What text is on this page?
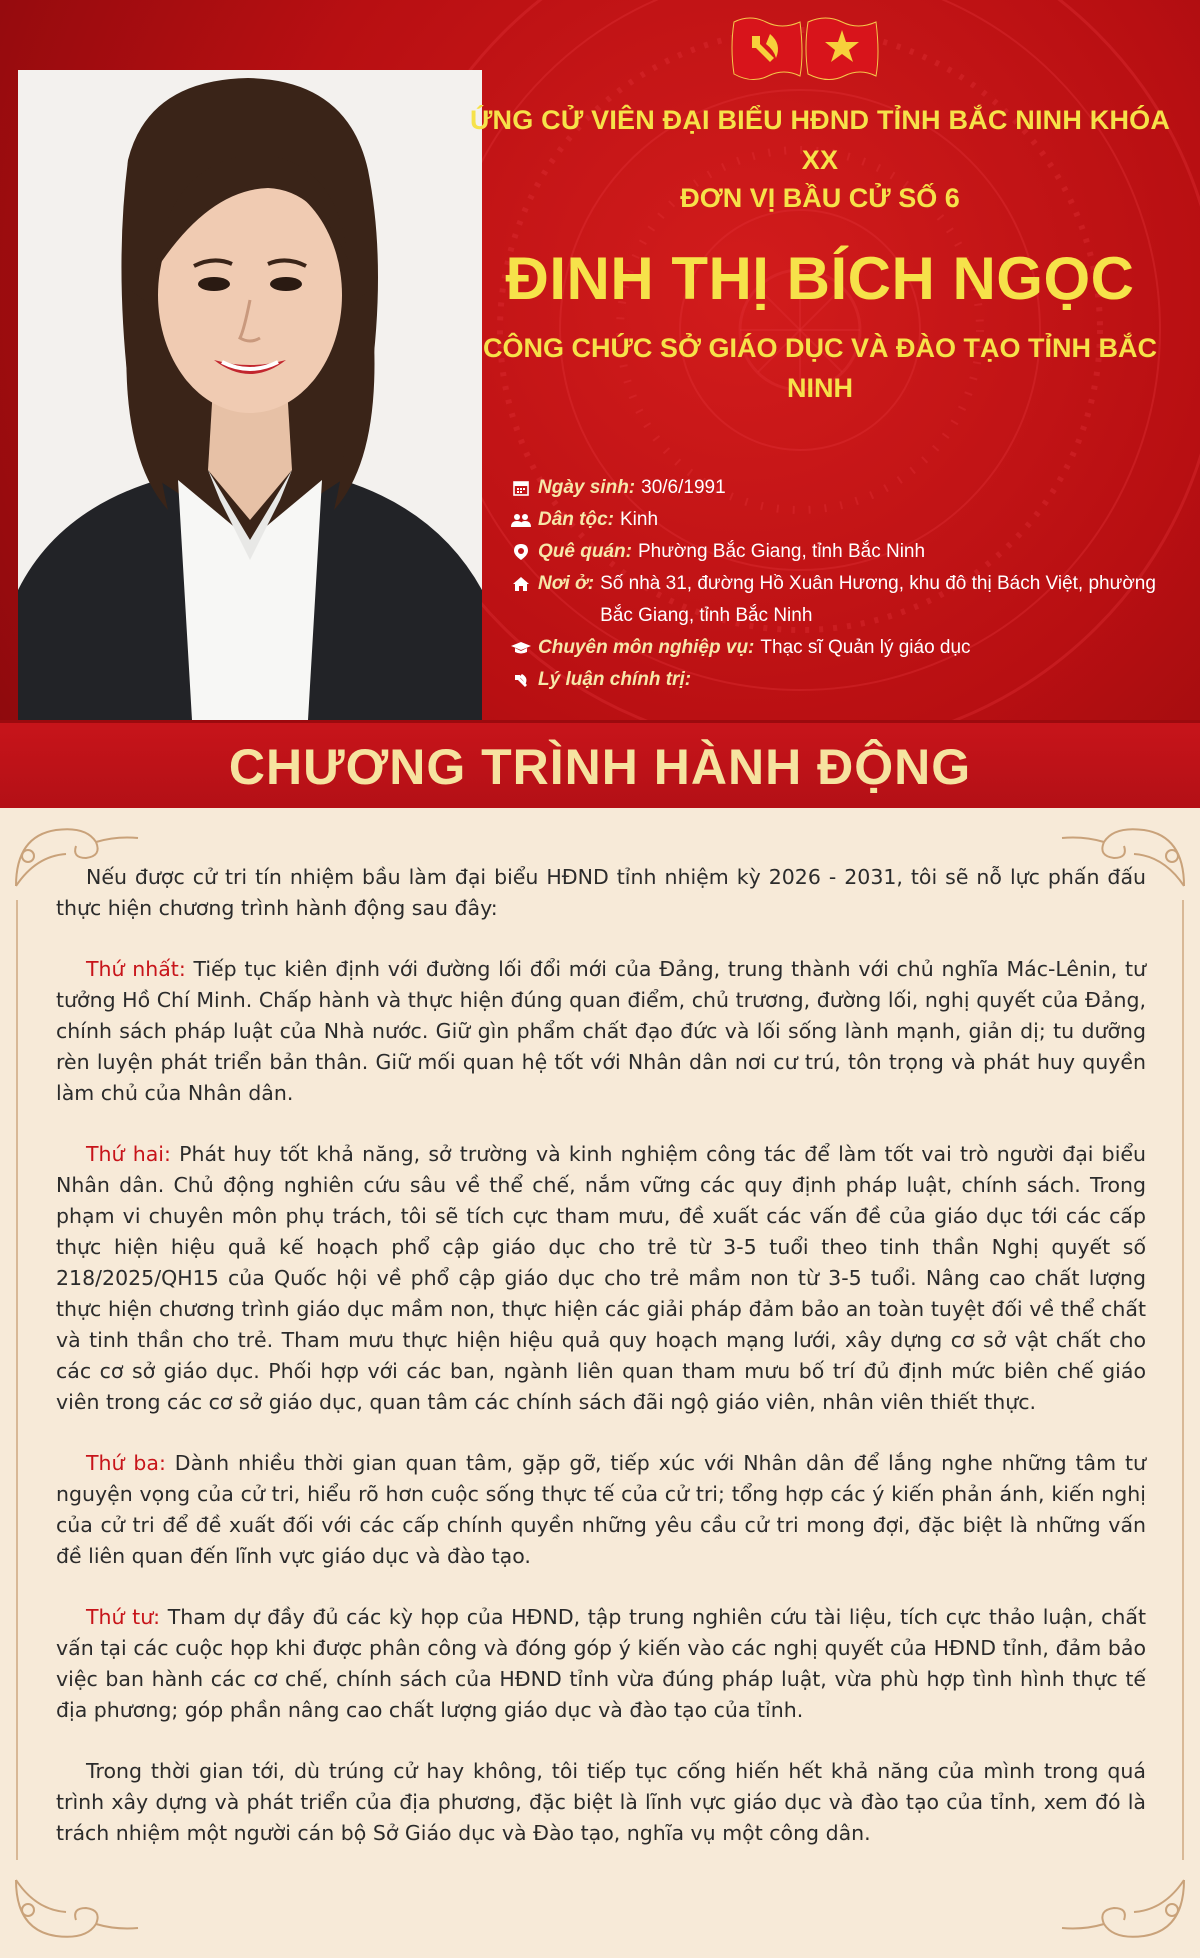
ỨNG CỬ VIÊN ĐẠI BIỂU HĐND TỈNH BẮC NINH KHÓA XX
ĐƠN VỊ BẦU CỬ SỐ 6
ĐINH THỊ BÍCH NGỌC
CÔNG CHỨC SỞ GIÁO DỤC VÀ ĐÀO TẠO TỈNH BẮC NINH
Ngày sinh: 30/6/1991
Dân tộc: Kinh
Quê quán: Phường Bắc Giang, tỉnh Bắc Ninh
Nơi ở: Số nhà 31, đường Hồ Xuân Hương, khu đô thị Bách Việt, phường Bắc Giang, tỉnh Bắc Ninh
Chuyên môn nghiệp vụ: Thạc sĩ Quản lý giáo dục
Lý luận chính trị:
CHƯƠNG TRÌNH HÀNH ĐỘNG

Nếu được cử tri tín nhiệm bầu làm đại biểu HĐND tỉnh nhiệm kỳ 2026 - 2031, tôi sẽ nỗ lực phấn đấu thực hiện chương trình hành động sau đây:

Thứ nhất: Tiếp tục kiên định với đường lối đổi mới của Đảng, trung thành với chủ nghĩa Mác-Lênin, tư tưởng Hồ Chí Minh. Chấp hành và thực hiện đúng quan điểm, chủ trương, đường lối, nghị quyết của Đảng, chính sách pháp luật của Nhà nước. Giữ gìn phẩm chất đạo đức và lối sống lành mạnh, giản dị; tu dưỡng rèn luyện phát triển bản thân. Giữ mối quan hệ tốt với Nhân dân nơi cư trú, tôn trọng và phát huy quyền làm chủ của Nhân dân.

Thứ hai: Phát huy tốt khả năng, sở trường và kinh nghiệm công tác để làm tốt vai trò người đại biểu Nhân dân. Chủ động nghiên cứu sâu về thể chế, nắm vững các quy định pháp luật, chính sách. Trong phạm vi chuyên môn phụ trách, tôi sẽ tích cực tham mưu, đề xuất các vấn đề của giáo dục tới các cấp thực hiện hiệu quả kế hoạch phổ cập giáo dục cho trẻ từ 3-5 tuổi theo tinh thần Nghị quyết số 218/2025/QH15 của Quốc hội về phổ cập giáo dục cho trẻ mầm non từ 3-5 tuổi. Nâng cao chất lượng thực hiện chương trình giáo dục mầm non, thực hiện các giải pháp đảm bảo an toàn tuyệt đối về thể chất và tinh thần cho trẻ. Tham mưu thực hiện hiệu quả quy hoạch mạng lưới, xây dựng cơ sở vật chất cho các cơ sở giáo dục. Phối hợp với các ban, ngành liên quan tham mưu bố trí đủ định mức biên chế giáo viên trong các cơ sở giáo dục, quan tâm các chính sách đãi ngộ giáo viên, nhân viên thiết thực.

Thứ ba: Dành nhiều thời gian quan tâm, gặp gỡ, tiếp xúc với Nhân dân để lắng nghe những tâm tư nguyện vọng của cử tri, hiểu rõ hơn cuộc sống thực tế của cử tri; tổng hợp các ý kiến phản ánh, kiến nghị của cử tri để đề xuất đối với các cấp chính quyền những yêu cầu cử tri mong đợi, đặc biệt là những vấn đề liên quan đến lĩnh vực giáo dục và đào tạo.

Thứ tư: Tham dự đầy đủ các kỳ họp của HĐND, tập trung nghiên cứu tài liệu, tích cực thảo luận, chất vấn tại các cuộc họp khi được phân công và đóng góp ý kiến vào các nghị quyết của HĐND tỉnh, đảm bảo việc ban hành các cơ chế, chính sách của HĐND tỉnh vừa đúng pháp luật, vừa phù hợp tình hình thực tế địa phương; góp phần nâng cao chất lượng giáo dục và đào tạo của tỉnh.

Trong thời gian tới, dù trúng cử hay không, tôi tiếp tục cống hiến hết khả năng của mình trong quá trình xây dựng và phát triển của địa phương, đặc biệt là lĩnh vực giáo dục và đào tạo của tỉnh, xem đó là trách nhiệm một người cán bộ Sở Giáo dục và Đào tạo, nghĩa vụ một công dân.
